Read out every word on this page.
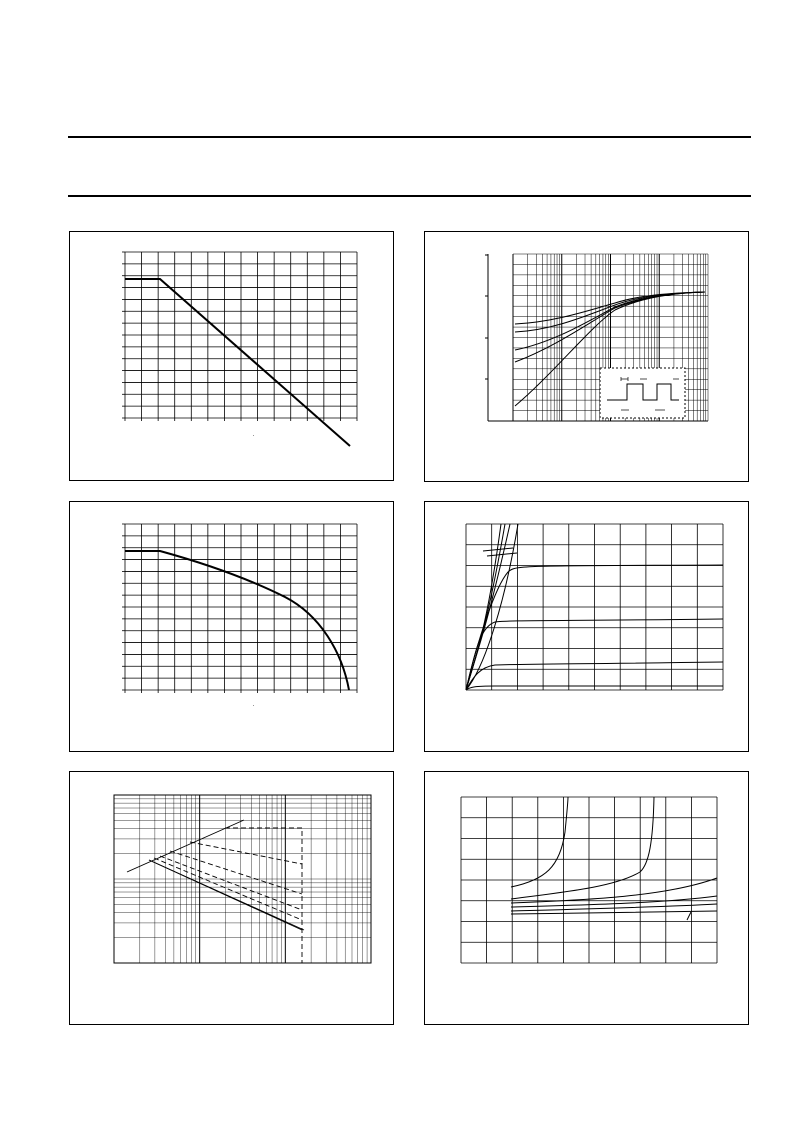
˚
˚
